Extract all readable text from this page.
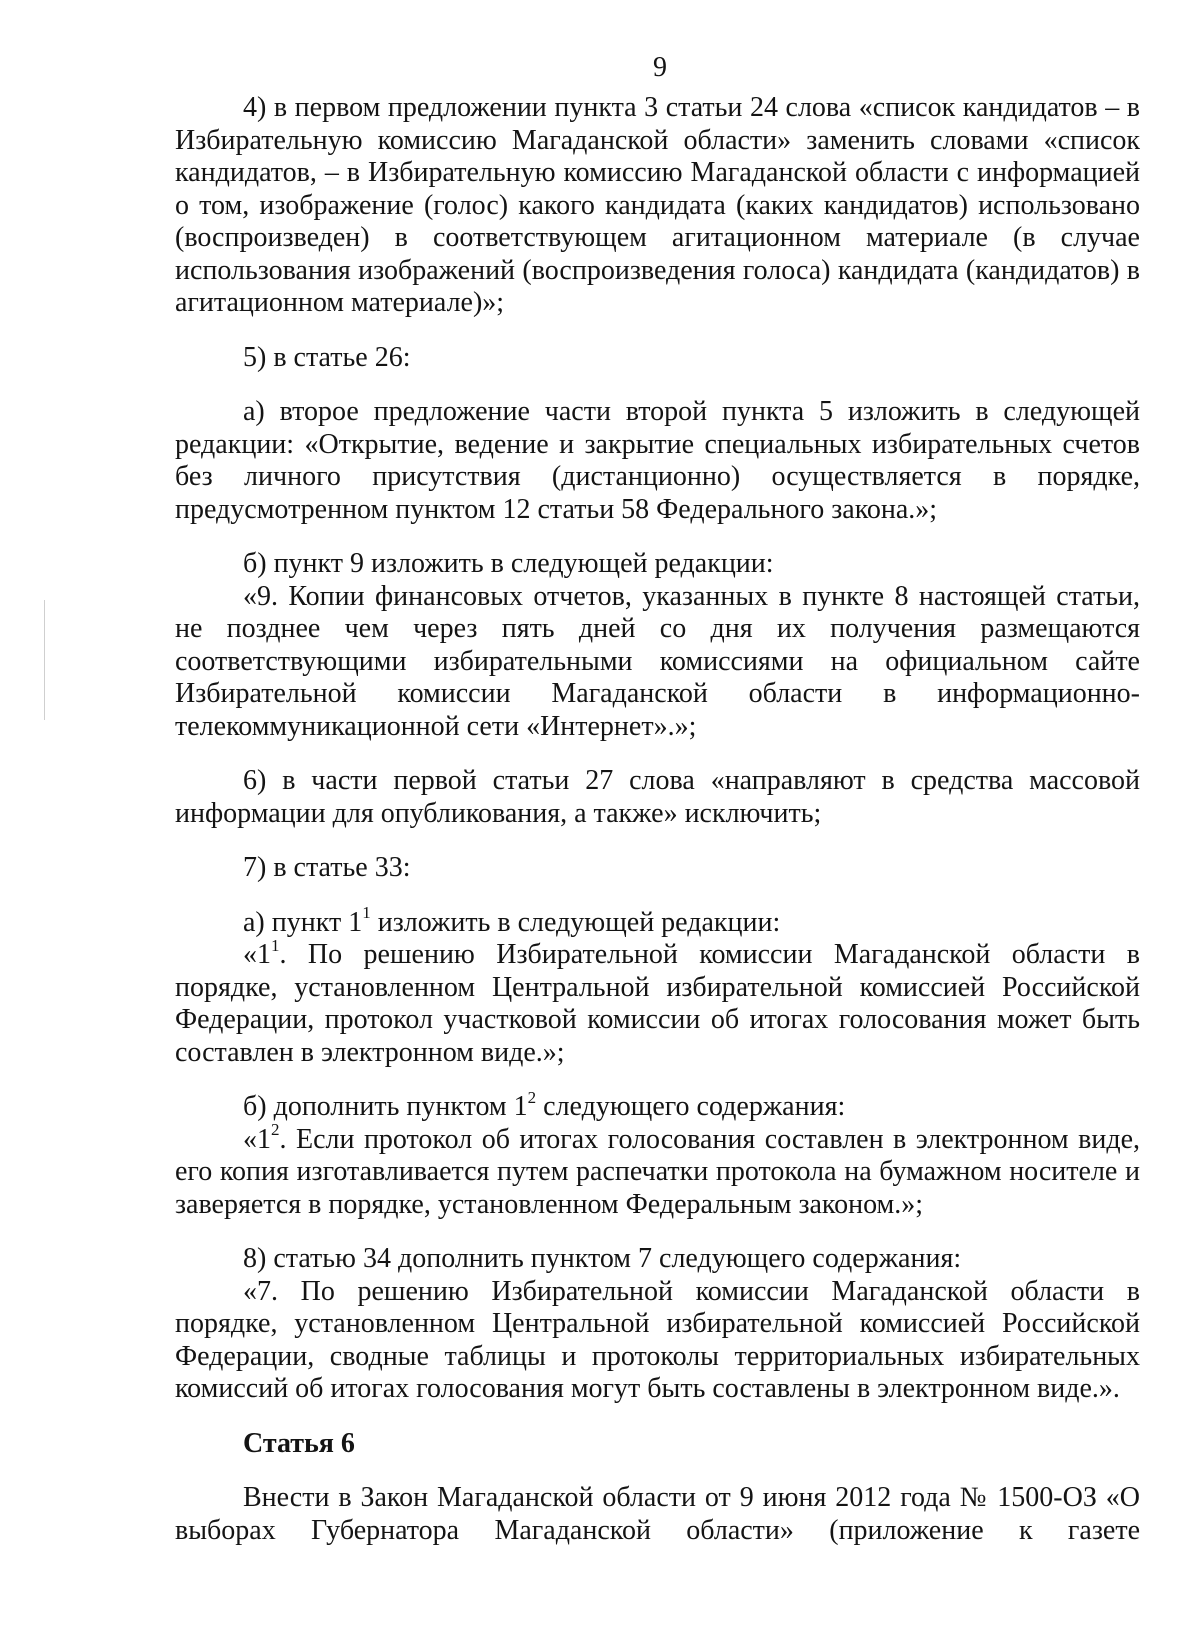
9

4) в первом предложении пункта 3 статьи 24 слова «список кандидатов – в Избирательную комиссию Магаданской области» заменить словами «список кандидатов, – в Избирательную комиссию Магаданской области с информацией о том, изображение (голос) какого кандидата (каких кандидатов) использовано (воспроизведен) в соответствующем агитационном материале (в случае использования изображений (воспроизведения голоса) кандидата (кандидатов) в агитационном материале)»;

5) в статье 26:

а) второе предложение части второй пункта 5 изложить в следующей редакции: «Открытие, ведение и закрытие специальных избирательных счетов без личного присутствия (дистанционно) осуществляется в порядке, предусмотренном пунктом 12 статьи 58 Федерального закона.»;

б) пункт 9 изложить в следующей редакции:

«9. Копии финансовых отчетов, указанных в пункте 8 настоящей статьи, не позднее чем через пять дней со дня их получения размещаются соответствующими избирательными комиссиями на официальном сайте Избирательной комиссии Магаданской области в информационно-телекоммуникационной сети «Интернет».»;

6) в части первой статьи 27 слова «направляют в средства массовой информации для опубликования, а также» исключить;

7) в статье 33:

а) пункт $1^1$ изложить в следующей редакции:

«$1^1$. По решению Избирательной комиссии Магаданской области в порядке, установленном Центральной избирательной комиссией Российской Федерации, протокол участковой комиссии об итогах голосования может быть составлен в электронном виде.»;

б) дополнить пунктом $1^2$ следующего содержания:

«$1^2$. Если протокол об итогах голосования составлен в электронном виде, его копия изготавливается путем распечатки протокола на бумажном носителе и заверяется в порядке, установленном Федеральным законом.»;

8) статью 34 дополнить пунктом 7 следующего содержания:

«7. По решению Избирательной комиссии Магаданской области в порядке, установленном Центральной избирательной комиссией Российской Федерации, сводные таблицы и протоколы территориальных избирательных комиссий об итогах голосования могут быть составлены в электронном виде.».

Статья 6

Внести в Закон Магаданской области от 9 июня 2012 года № 1500-ОЗ «О выборах Губернатора Магаданской области» (приложение к газете
